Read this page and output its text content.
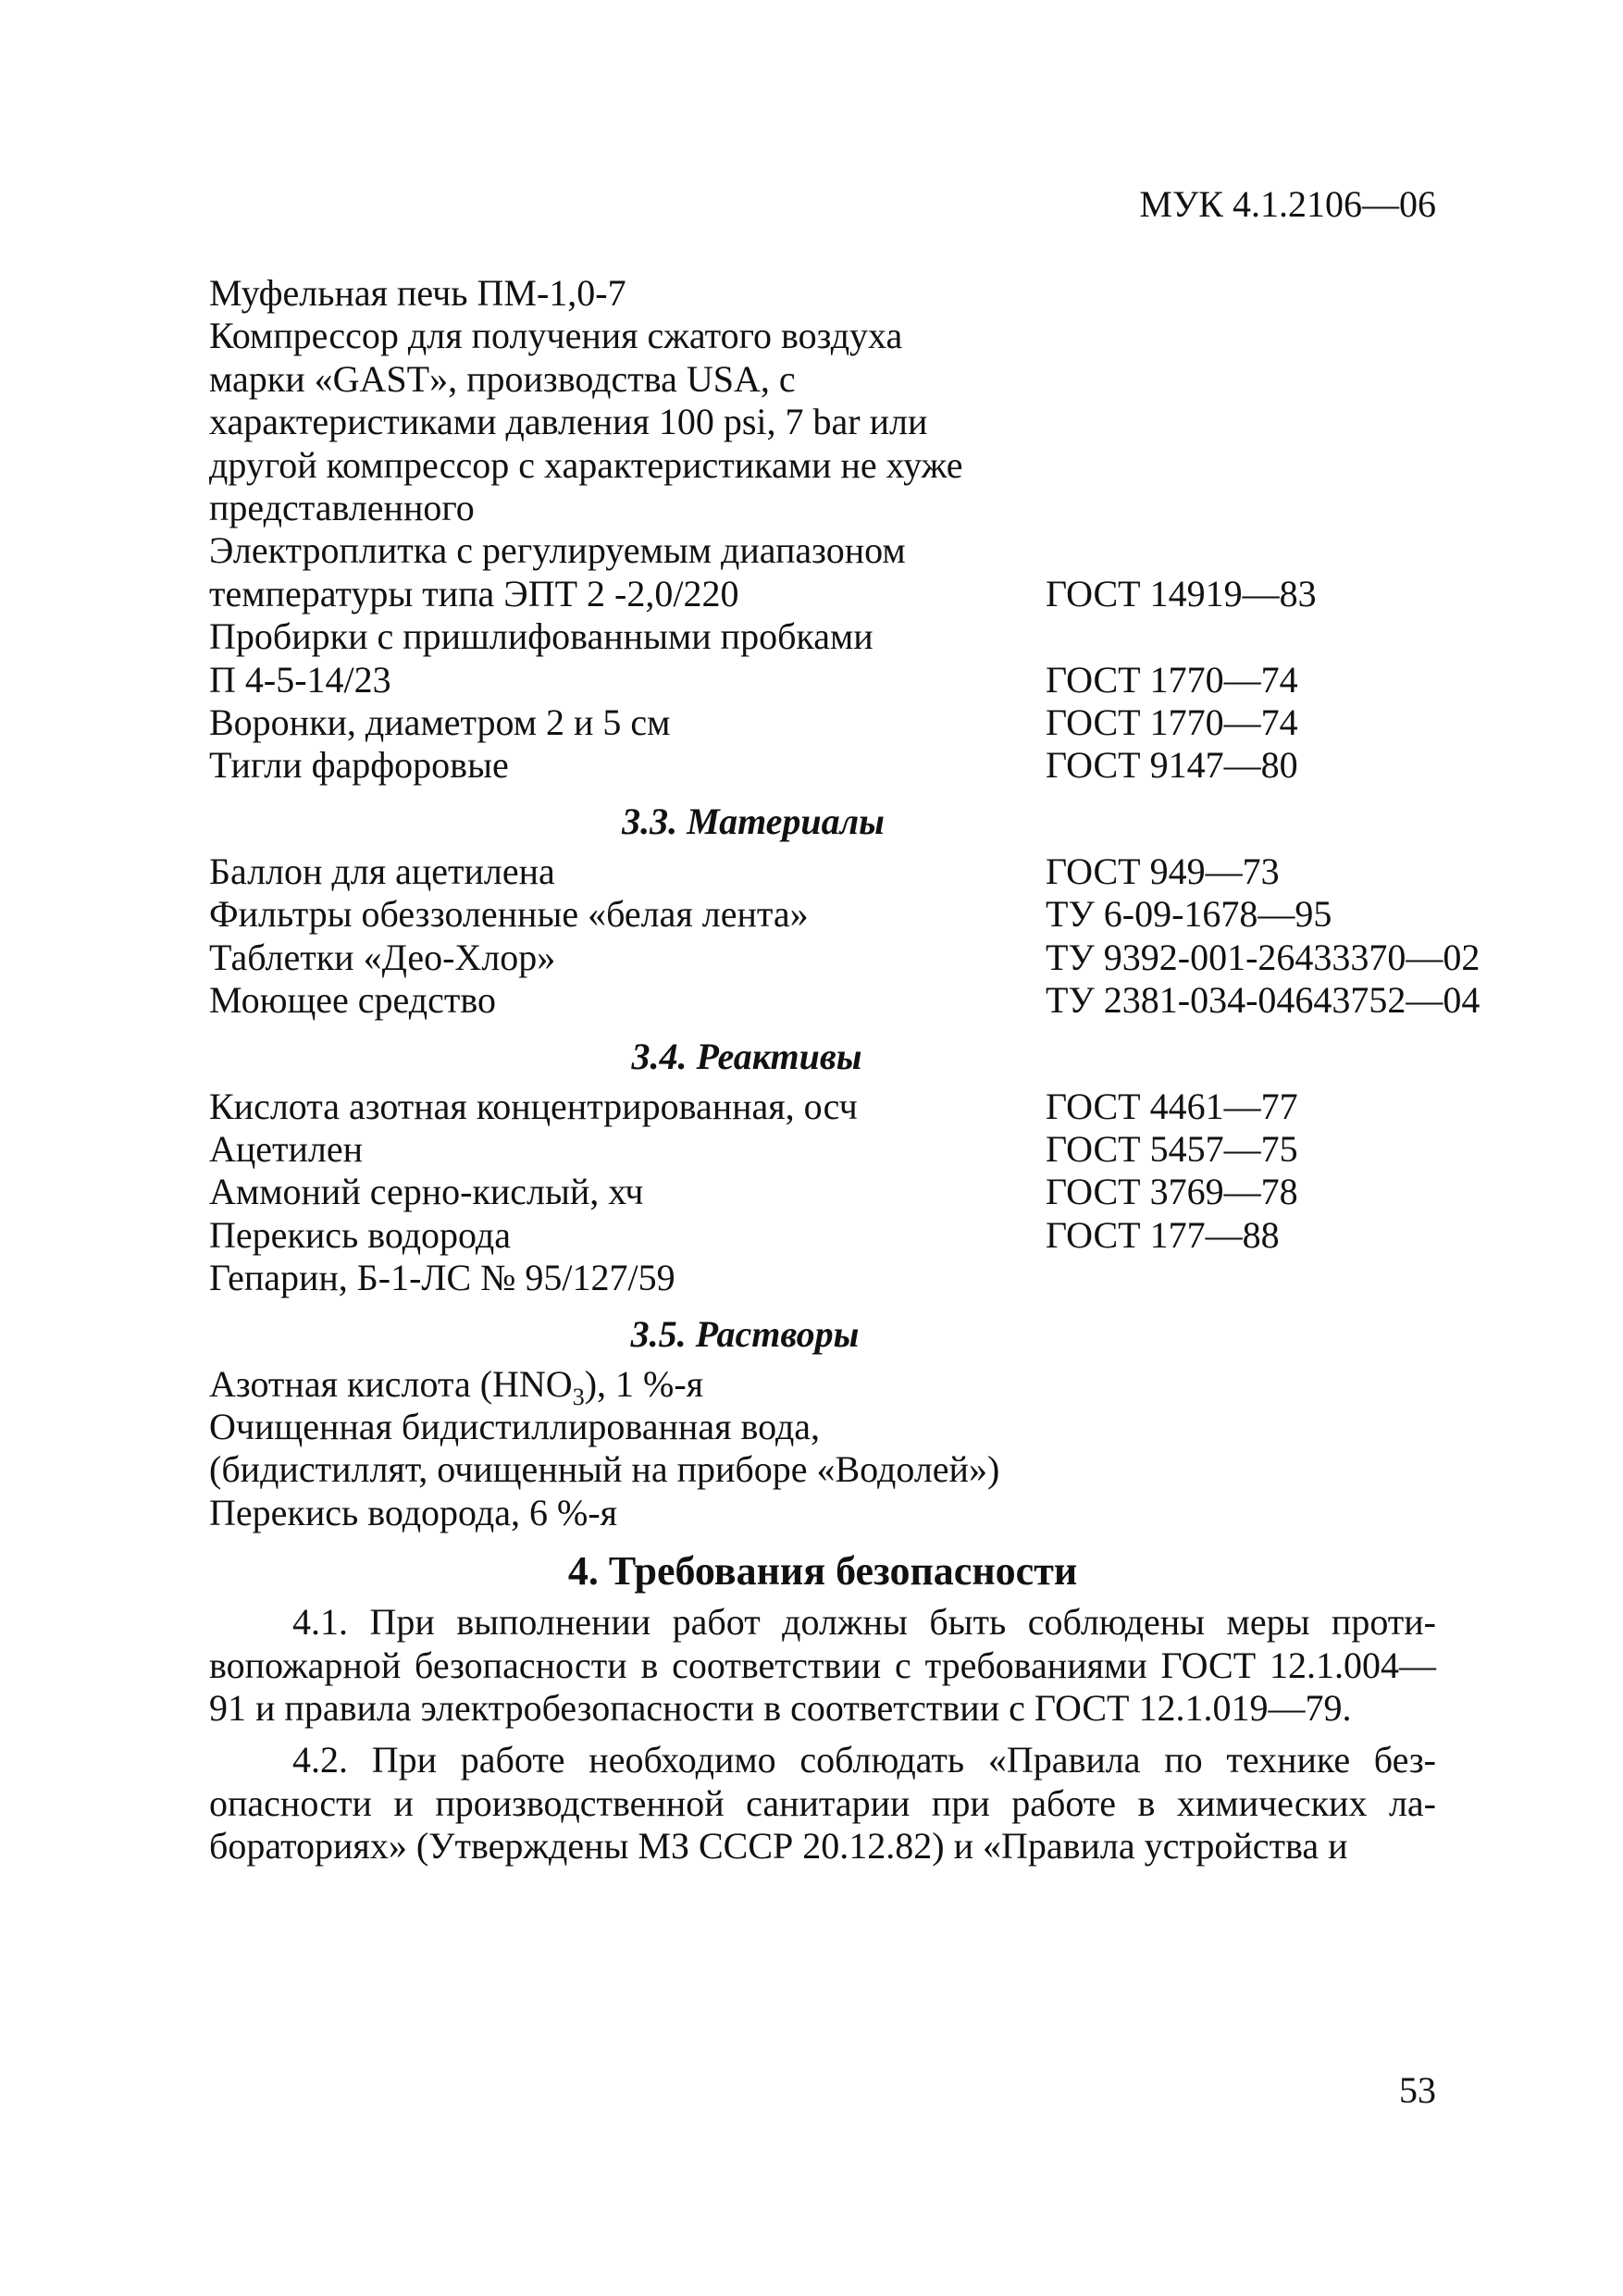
МУК 4.1.2106—06
Муфельная печь ПМ-1,0-7
Компрессор для получения сжатого воздуха
марки «GAST», производства USA, с
характеристиками давления 100 psi, 7 bar или
другой компрессор с характеристиками не хуже
представленного
Электроплитка с регулируемым диапазоном
температуры типа ЭПТ 2 -2,0/220	ГОСТ 14919—83
Пробирки с пришлифованными пробками
П 4-5-14/23	ГОСТ 1770—74
Воронки, диаметром 2 и 5 см	ГОСТ 1770—74
Тигли фарфоровые	ГОСТ 9147—80
3.3. Материалы
Баллон для ацетилена	ГОСТ 949—73
Фильтры обеззоленные «белая лента»	ТУ 6-09-1678—95
Таблетки «Део-Хлор»	ТУ 9392-001-26433370—02
Моющее средство	ТУ 2381-034-04643752—04
3.4. Реактивы
Кислота азотная концентрированная, осч	ГОСТ 4461—77
Ацетилен	ГОСТ 5457—75
Аммоний серно-кислый, хч	ГОСТ 3769—78
Перекись водорода	ГОСТ 177—88
Гепарин, Б-1-ЛС № 95/127/59
3.5. Растворы
Азотная кислота $(HNO_3)$, 1 %-я
Очищенная бидистиллированная вода,
(бидистиллят, очищенный на приборе «Водолей»)
Перекись водорода, 6 %-я
4. Требования безопасности

4.1. При выполнении работ должны быть соблюдены меры противопожарной безопасности в соответствии с требованиями ГОСТ 12.1.004—91 и правила электробезопасности в соответствии с ГОСТ 12.1.019—79.

4.2. При работе необходимо соблюдать «Правила по технике безопасности и производственной санитарии при работе в химических лабораториях» (Утверждены МЗ СССР 20.12.82) и «Правила устройства и

53
